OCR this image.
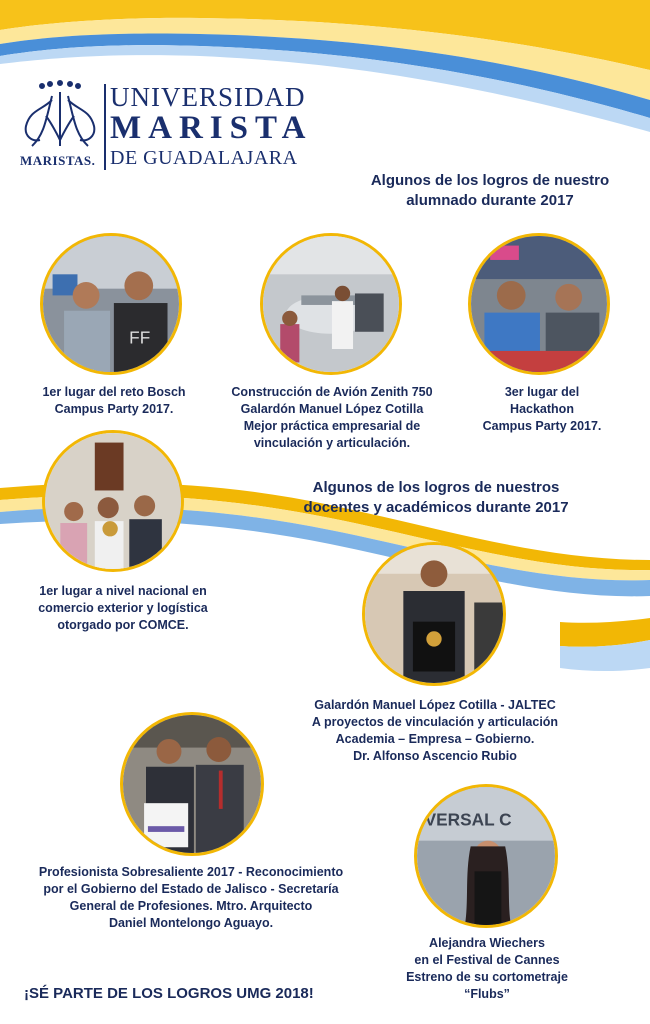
MARISTAS.
UNIVERSIDAD
MARISTA
DE GUADALAJARA
Algunos de los logros de nuestro
alumnado durante 2017
FF
1er lugar del reto Bosch
Campus Party 2017.
Construcción de Avión Zenith 750
Galardón Manuel López Cotilla
Mejor práctica empresarial de
vinculación y articulación.
3er lugar del
Hackathon
Campus Party 2017.
Algunos de los logros de nuestros
docentes y académicos durante 2017
VERSAL C
1er lugar a nivel nacional en
comercio exterior y logística
otorgado por COMCE.
Galardón Manuel López Cotilla - JALTEC
A proyectos de vinculación y articulación
Academia – Empresa – Gobierno.
Dr. Alfonso Ascencio Rubio
Profesionista Sobresaliente 2017 - Reconocimiento
por el Gobierno del Estado de Jalisco - Secretaría
General de Profesiones. Mtro. Arquitecto
Daniel Montelongo Aguayo.
Alejandra Wiechers
en el Festival de Cannes
Estreno de su cortometraje
“Flubs”
¡SÉ PARTE DE LOS LOGROS UMG 2018!
